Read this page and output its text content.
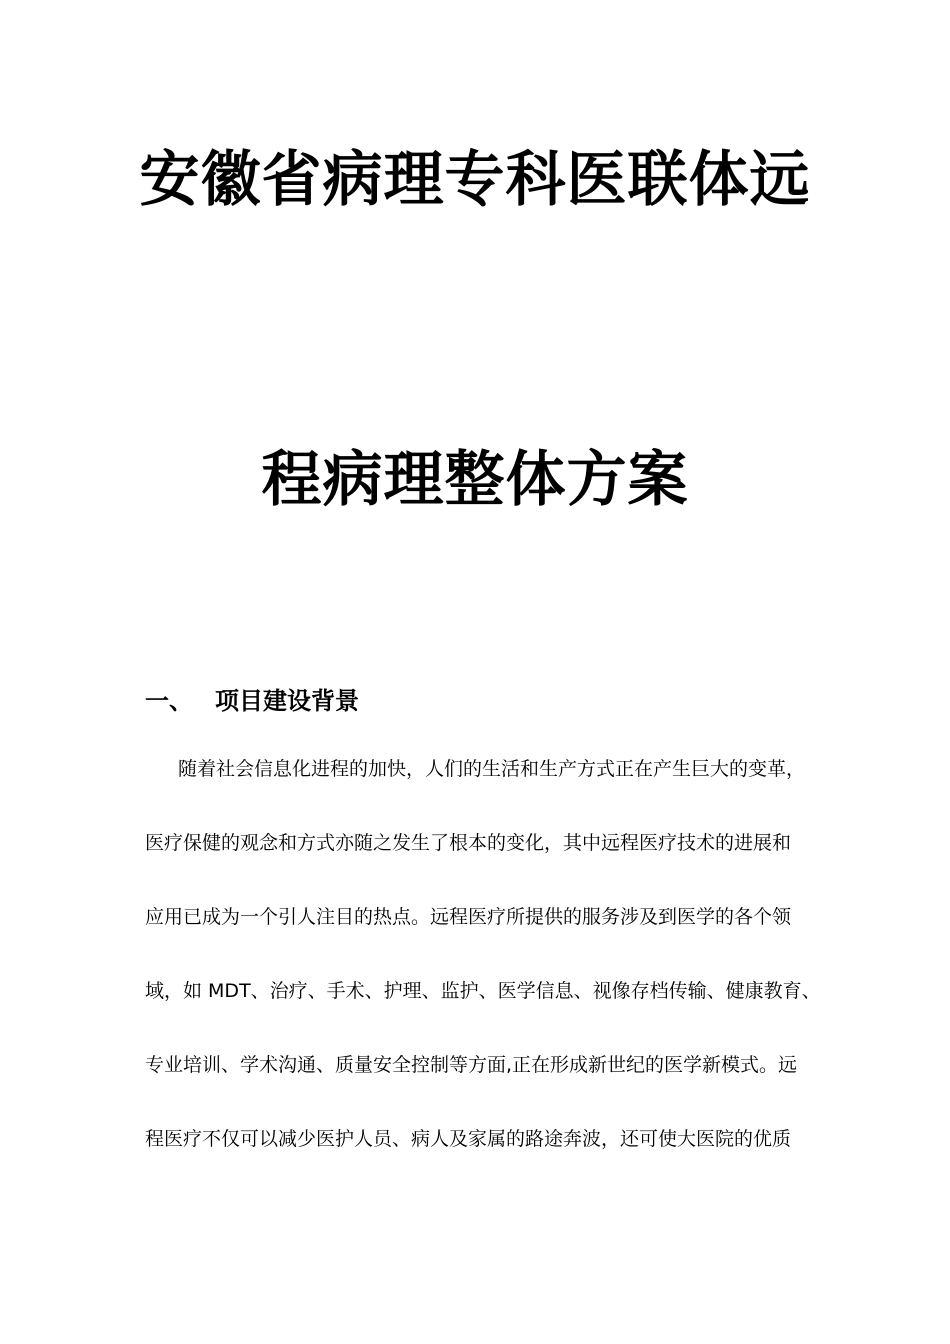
安徽省病理专科医联体远
程病理整体方案
一、 项目建设背景
随着社会信息化进程的加快，人们的生活和生产方式正在产生巨大的变革，
医疗保健的观念和方式亦随之发生了根本的变化，其中远程医疗技术的进展和
应用已成为一个引人注目的热点。远程医疗所提供的服务涉及到医学的各个领
域，如 MDT、治疗、手术、护理、监护、医学信息、视像存档传输、健康教育、
专业培训、学术沟通、质量安全控制等方面,正在形成新世纪的医学新模式。远
程医疗不仅可以减少医护人员、病人及家属的路途奔波，还可使大医院的优质
